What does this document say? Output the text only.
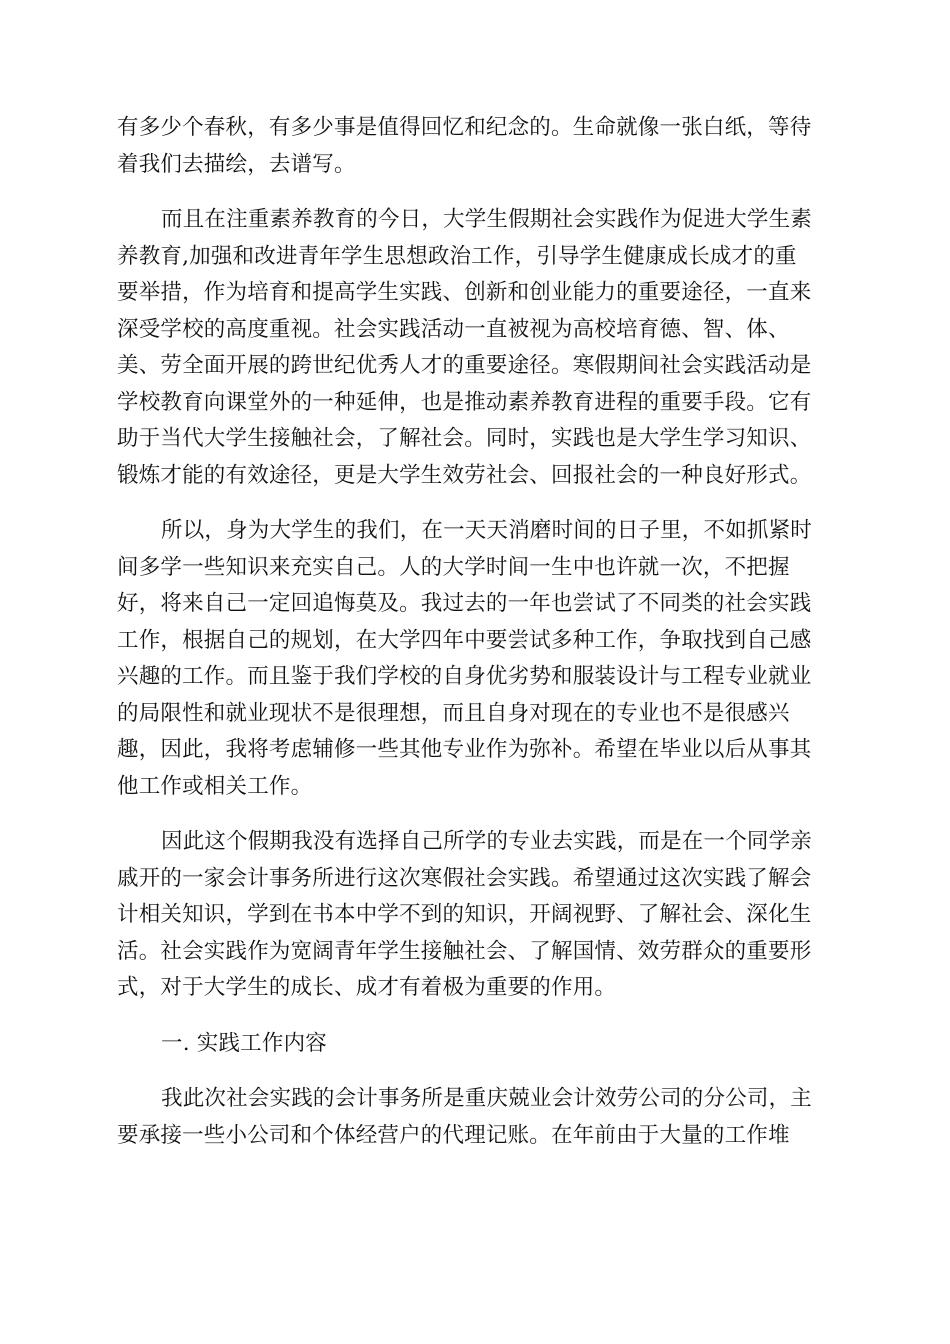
有多少个春秋，有多少事是值得回忆和纪念的。生命就像一张白纸，等待
着我们去描绘，去谱写。
而且在注重素养教育的今日，大学生假期社会实践作为促进大学生素
养教育,加强和改进青年学生思想政治工作，引导学生健康成长成才的重
要举措，作为培育和提高学生实践、创新和创业能力的重要途径，一直来
深受学校的高度重视。社会实践活动一直被视为高校培育德、智、体、
美、劳全面开展的跨世纪优秀人才的重要途径。寒假期间社会实践活动是
学校教育向课堂外的一种延伸，也是推动素养教育进程的重要手段。它有
助于当代大学生接触社会，了解社会。同时，实践也是大学生学习知识、
锻炼才能的有效途径，更是大学生效劳社会、回报社会的一种良好形式。
所以，身为大学生的我们，在一天天消磨时间的日子里，不如抓紧时
间多学一些知识来充实自己。人的大学时间一生中也许就一次，不把握
好，将来自己一定回追悔莫及。我过去的一年也尝试了不同类的社会实践
工作，根据自己的规划，在大学四年中要尝试多种工作，争取找到自己感
兴趣的工作。而且鉴于我们学校的自身优劣势和服装设计与工程专业就业
的局限性和就业现状不是很理想，而且自身对现在的专业也不是很感兴
趣，因此，我将考虑辅修一些其他专业作为弥补。希望在毕业以后从事其
他工作或相关工作。
因此这个假期我没有选择自己所学的专业去实践，而是在一个同学亲
戚开的一家会计事务所进行这次寒假社会实践。希望通过这次实践了解会
计相关知识，学到在书本中学不到的知识，开阔视野、了解社会、深化生
活。社会实践作为宽阔青年学生接触社会、了解国情、效劳群众的重要形
式，对于大学生的成长、成才有着极为重要的作用。
一. 实践工作内容
我此次社会实践的会计事务所是重庆兢业会计效劳公司的分公司，主
要承接一些小公司和个体经营户的代理记账。在年前由于大量的工作堆
